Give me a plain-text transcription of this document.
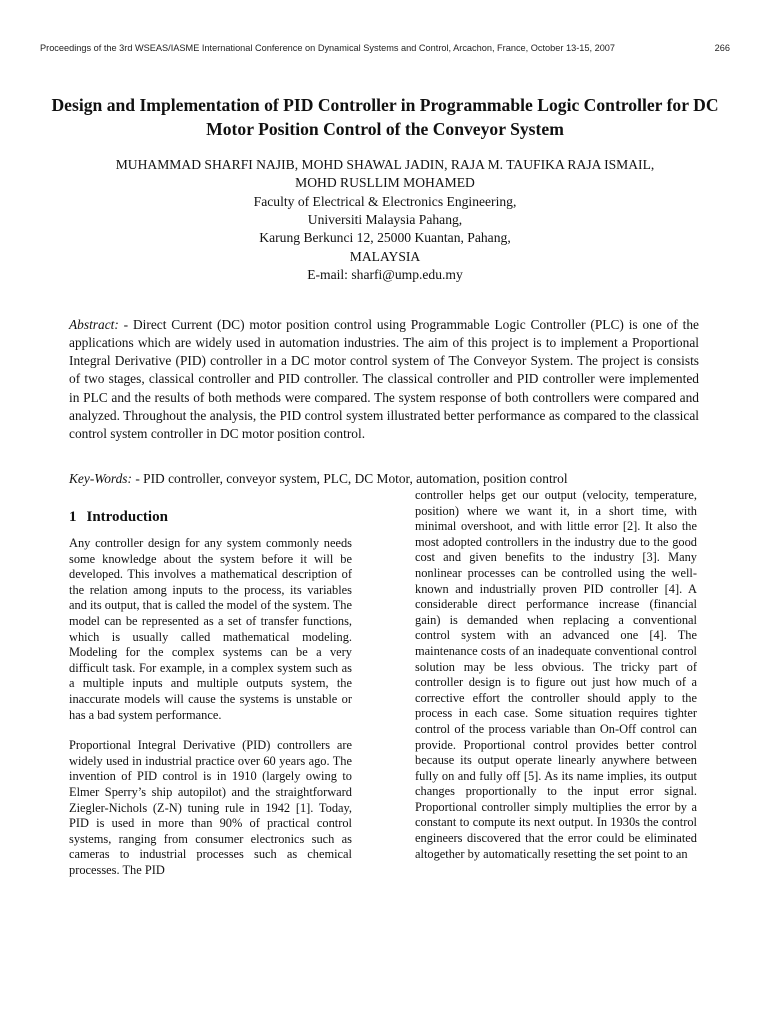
Proceedings of the 3rd WSEAS/IASME International Conference on Dynamical Systems and Control, Arcachon, France, October 13-15, 2007	266
Design and Implementation of PID Controller in Programmable Logic Controller for DC Motor Position Control of the Conveyor System
MUHAMMAD SHARFI NAJIB, MOHD SHAWAL JADIN, RAJA M. TAUFIKA RAJA ISMAIL,
MOHD RUSLLIM MOHAMED
Faculty of Electrical & Electronics Engineering,
Universiti Malaysia Pahang,
Karung Berkunci 12, 25000 Kuantan, Pahang,
MALAYSIA
E-mail: sharfi@ump.edu.my

Abstract: - Direct Current (DC) motor position control using Programmable Logic Controller (PLC) is one of the applications which are widely used in automation industries. The aim of this project is to implement a Proportional Integral Derivative (PID) controller in a DC motor control system of The Conveyor System. The project is consists of two stages, classical controller and PID controller. The classical controller and PID controller were implemented in PLC and the results of both methods were compared. The system response of both controllers were compared and analyzed. Throughout the analysis, the PID control system illustrated better performance as compared to the classical control system controller in DC motor position control.

Key-Words: - PID controller, conveyor system, PLC, DC Motor, automation, position control

1 Introduction

Any controller design for any system commonly needs some knowledge about the system before it will be developed. This involves a mathematical description of the relation among inputs to the process, its variables and its output, that is called the model of the system. The model can be represented as a set of transfer functions, which is usually called mathematical modeling. Modeling for the complex systems can be a very difficult task. For example, in a complex system such as a multiple inputs and multiple outputs system, the inaccurate models will cause the systems is unstable or has a bad system performance.

Proportional Integral Derivative (PID) controllers are widely used in industrial practice over 60 years ago. The invention of PID control is in 1910 (largely owing to Elmer Sperry’s ship autopilot) and the straightforward Ziegler-Nichols (Z-N) tuning rule in 1942 [1]. Today, PID is used in more than 90% of practical control systems, ranging from consumer electronics such as cameras to industrial processes such as chemical processes. The PID

controller helps get our output (velocity, temperature, position) where we want it, in a short time, with minimal overshoot, and with little error [2]. It also the most adopted controllers in the industry due to the good cost and given benefits to the industry [3]. Many nonlinear processes can be controlled using the well-known and industrially proven PID controller [4]. A considerable direct performance increase (financial gain) is demanded when replacing a conventional control system with an advanced one [4]. The maintenance costs of an inadequate conventional control solution may be less obvious. The tricky part of controller design is to figure out just how much of a corrective effort the controller should apply to the process in each case. Some situation requires tighter control of the process variable than On-Off control can provide. Proportional control provides better control because its output operate linearly anywhere between fully on and fully off [5]. As its name implies, its output changes proportionally to the input error signal. Proportional controller simply multiplies the error by a constant to compute its next output. In 1930s the control engineers discovered that the error could be eliminated altogether by automatically resetting the set point to an
